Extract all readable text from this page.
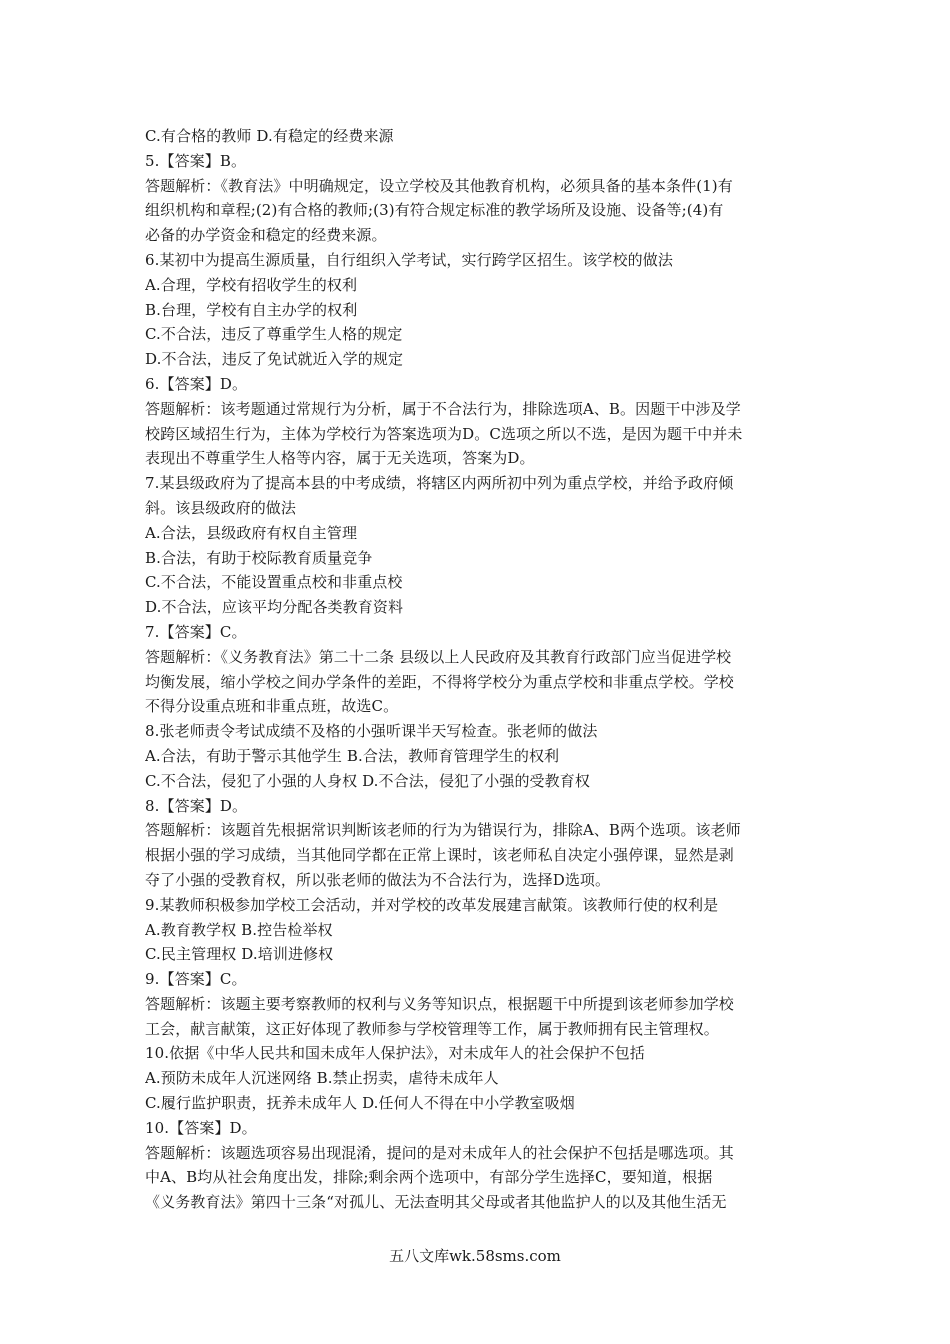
C.有合格的教师 D.有稳定的经费来源
5.【答案】B。
答题解析：《教育法》中明确规定，设立学校及其他教育机构，必须具备的基本条件(1)有
组织机构和章程;(2)有合格的教师;(3)有符合规定标准的教学场所及设施、设备等;(4)有
必备的办学资金和稳定的经费来源。
6.某初中为提高生源质量，自行组织入学考试，实行跨学区招生。该学校的做法
A.合理，学校有招收学生的权利
B.台理，学校有自主办学的权利
C.不合法，违反了尊重学生人格的规定
D.不合法，违反了免试就近入学的规定
6.【答案】D。
答题解析：该考题通过常规行为分析，属于不合法行为，排除选项A、B。因题干中涉及学
校跨区域招生行为，主体为学校行为答案选项为D。C选项之所以不选，是因为题干中并未
表现出不尊重学生人格等内容，属于无关选项，答案为D。
7.某县级政府为了提高本县的中考成绩，将辖区内两所初中列为重点学校，并给予政府倾
斜。该县级政府的做法
A.合法，县级政府有权自主管理
B.合法，有助于校际教育质量竞争
C.不合法，不能设置重点校和非重点校
D.不合法，应该平均分配各类教育资料
7.【答案】C。
答题解析：《义务教育法》第二十二条 县级以上人民政府及其教育行政部门应当促进学校
均衡发展，缩小学校之间办学条件的差距，不得将学校分为重点学校和非重点学校。学校
不得分设重点班和非重点班，故选C。
8.张老师责令考试成绩不及格的小强听课半天写检查。张老师的做法
A.合法，有助于警示其他学生 B.合法，教师育管理学生的权利
C.不合法，侵犯了小强的人身权 D.不合法，侵犯了小强的受教育权
8.【答案】D。
答题解析：该题首先根据常识判断该老师的行为为错误行为，排除A、B两个选项。该老师
根据小强的学习成绩，当其他同学都在正常上课时，该老师私自决定小强停课，显然是剥
夺了小强的受教育权，所以张老师的做法为不合法行为，选择D选项。
9.某教师积极参加学校工会活动，并对学校的改革发展建言献策。该教师行使的权利是
A.教育教学权 B.控告检举权
C.民主管理权 D.培训进修权
9.【答案】C。
答题解析：该题主要考察教师的权利与义务等知识点，根据题干中所提到该老师参加学校
工会，献言献策，这正好体现了教师参与学校管理等工作，属于教师拥有民主管理权。
10.依据《中华人民共和国未成年人保护法》，对未成年人的社会保护不包括
A.预防未成年人沉迷网络 B.禁止拐卖，虐待未成年人
C.履行监护职责，抚养未成年人 D.任何人不得在中小学教室吸烟
10.【答案】D。
答题解析：该题选项容易出现混淆，提问的是对未成年人的社会保护不包括是哪选项。其
中A、B均从社会角度出发，排除;剩余两个选项中，有部分学生选择C，要知道，根据
《义务教育法》第四十三条“对孤儿、无法查明其父母或者其他监护人的以及其他生活无
五八文库wk.58sms.com
